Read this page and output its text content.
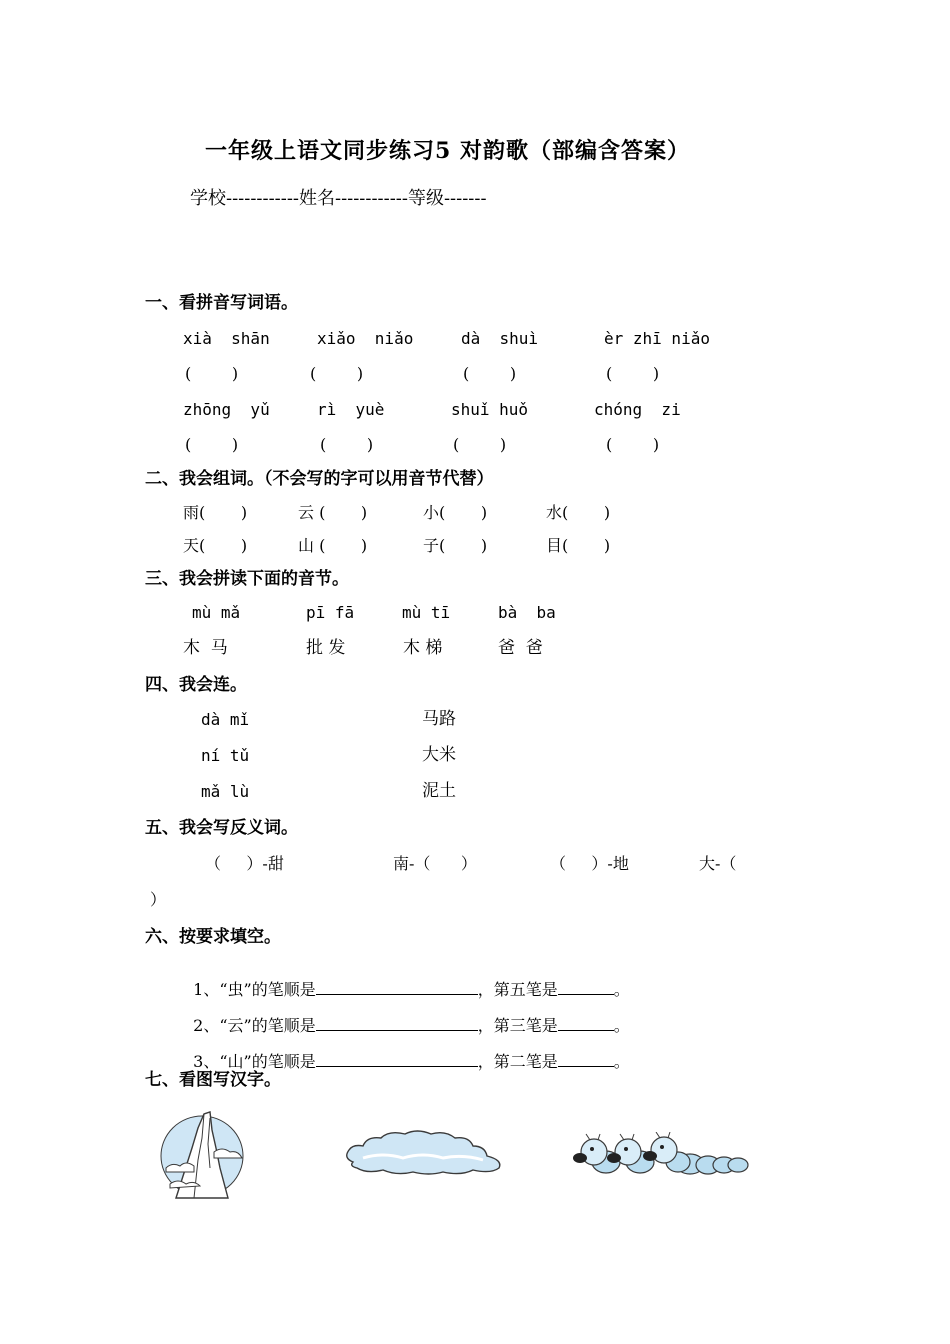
一年级上语文同步练习5 对韵歌（部编含答案）
学校------------姓名------------等级-------
一、看拼音写词语。
xià  shān	xiǎo  niǎo	dà  shuì	èr zhī niǎo
(        )	(        )	(        )	(        )
zhōng  yǔ	rì  yuè	shuǐ huǒ	chóng  zi
(        )	(        )	(        )	(        )
二、我会组词。（不会写的字可以用音节代替）
雨(       )	云 (       )	小(       )	水(       )
天(       )	山 (       )	子(       )	目(       )
三、我会拼读下面的音节。
mù mǎ	pī fā	mù tī	bà  ba
木  马	批 发	木 梯	爸  爸
四、我会连。
dà mǐ
ní tǔ
mǎ lù
马路
大米
泥土
五、我会写反义词。
（     ）-甜	南-（      ）	（     ）-地	大-（
）
六、按要求填空。

1、“虫”的笔顺是	，第五笔是	。

2、“云”的笔顺是	，第三笔是	。

3、“山”的笔顺是	，第二笔是	。

七、看图写汉字。
